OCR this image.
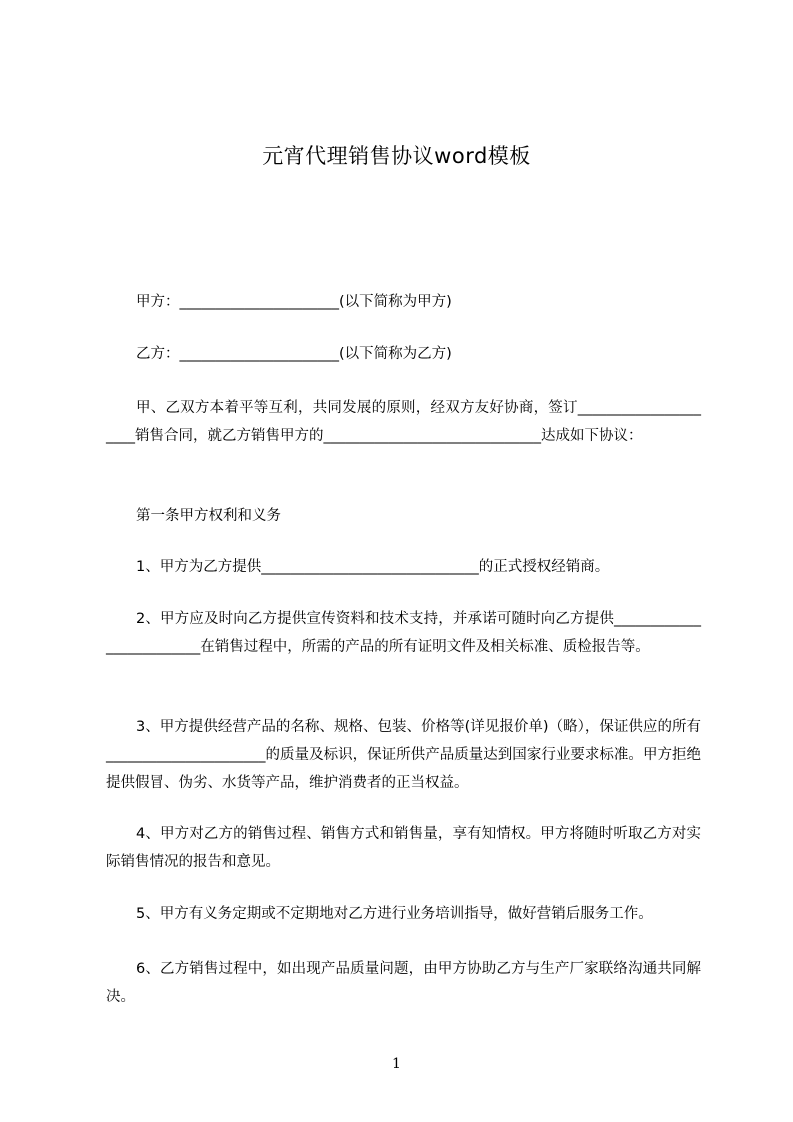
元宵代理销售协议word模板
甲方：______________________(以下简称为甲方)
乙方：______________________(以下简称为乙方)
甲、乙双方本着平等互利，共同发展的原则，经双方友好协商，签订_____________________销售合同，就乙方销售甲方的______________________________达成如下协议：
第一条甲方权利和义务
1、甲方为乙方提供______________________________的正式授权经销商。
2、甲方应及时向乙方提供宣传资料和技术支持，并承诺可随时向乙方提供_________________________在销售过程中，所需的产品的所有证明文件及相关标准、质检报告等。
3、甲方提供经营产品的名称、规格、包装、价格等(详见报价单)（略），保证供应的所有______________________的质量及标识，保证所供产品质量达到国家行业要求标准。甲方拒绝提供假冒、伪劣、水货等产品，维护消费者的正当权益。
4、甲方对乙方的销售过程、销售方式和销售量，享有知情权。甲方将随时听取乙方对实际销售情况的报告和意见。
5、甲方有义务定期或不定期地对乙方进行业务培训指导，做好营销后服务工作。
6、乙方销售过程中，如出现产品质量问题，由甲方协助乙方与生产厂家联络沟通共同解决。
1
